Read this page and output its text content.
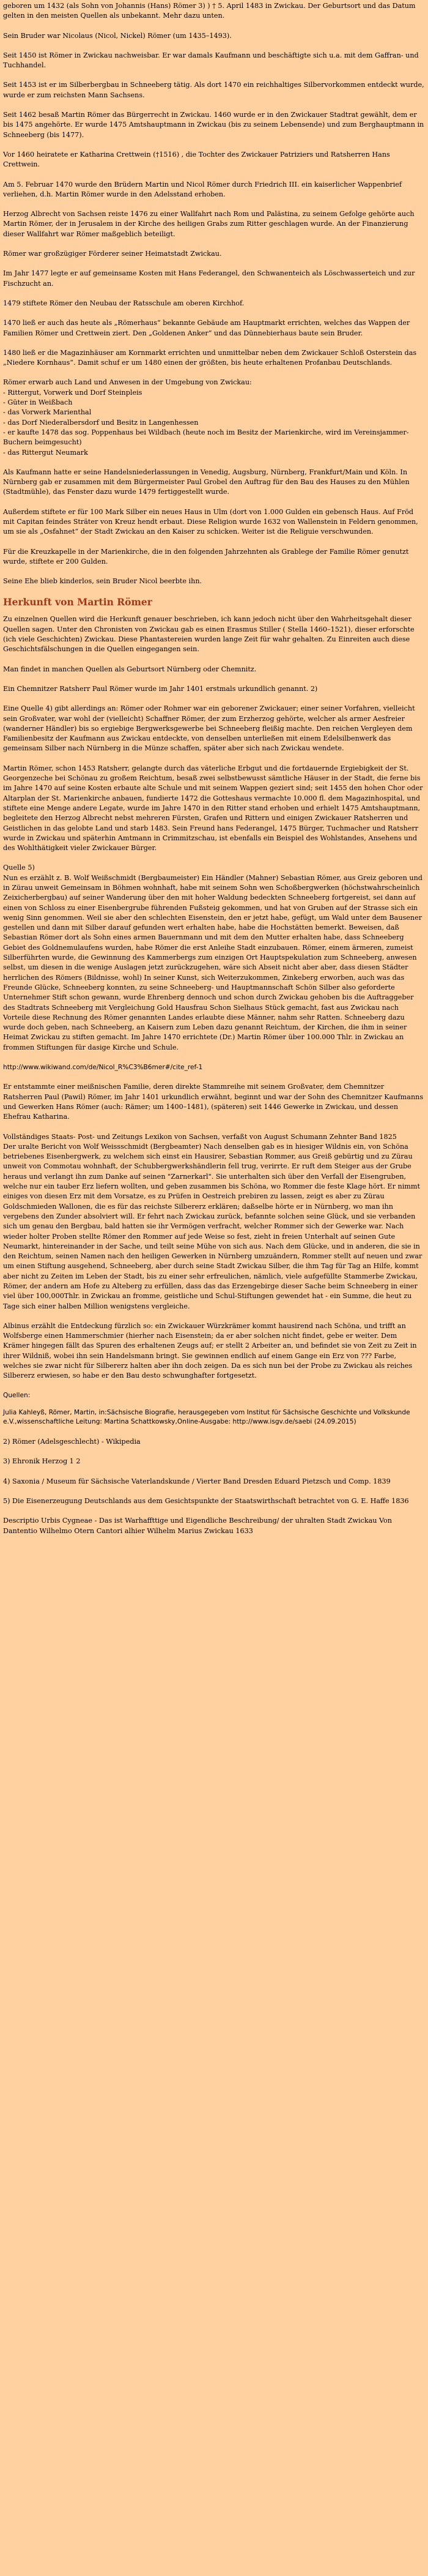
geboren um 1432 (als Sohn von Johannis (Hans) Römer 3) ) † 5. April 1483 in Zwickau. Der Geburtsort und das Datum gelten in den meisten Quellen als unbekannt. Mehr dazu unten.

Sein Bruder war Nicolaus (Nicol, Nickel) Römer (um 1435–1493).

Seit 1450 ist Römer in Zwickau nachweisbar. Er war damals Kaufmann und beschäftigte sich u.a. mit dem Gaffran- und Tuchhandel.

Seit 1453 ist er im Silberbergbau in Schneeberg tätig. Als dort 1470 ein reichhaltiges Silbervorkommen entdeckt wurde, wurde er zum reichsten Mann Sachsens.

Seit 1462 besaß Martin Römer das Bürgerrecht in Zwickau. 1460 wurde er in den Zwickauer Stadtrat gewählt, dem er bis 1475 angehörte. Er wurde 1475 Amtshauptmann in Zwickau (bis zu seinem Lebensende) und zum Berghauptmann in Schneeberg (bis 1477).

Vor 1460 heiratete er Katharina Crettwein (†1516) , die Tochter des Zwickauer Patriziers und Ratsherren Hans Crettwein.

Am 5. Februar 1470 wurde den Brüdern Martin und Nicol Römer durch Friedrich III. ein kaiserlicher Wappenbrief verliehen, d.h. Martin Römer wurde in den Adelsstand erhoben.

Herzog Albrecht von Sachsen reiste 1476 zu einer Wallfahrt nach Rom und Palästina, zu seinem Gefolge gehörte auch Martin Römer, der in Jerusalem in der Kirche des heiligen Grabs zum Ritter geschlagen wurde. An der Finanzierung dieser Wallfahrt war Römer maßgeblich beteiligt.

Römer war großzügiger Förderer seiner Heimatstadt Zwickau.

Im Jahr 1477 legte er auf gemeinsame Kosten mit Hans Federangel, den Schwanenteich als Löschwasserteich und zur Fischzucht an.

1479 stiftete Römer den Neubau der Ratsschule am oberen Kirchhof.

1470 ließ er auch das heute als „Römerhaus“ bekannte Gebäude am Hauptmarkt errichten, welches das Wappen der Familien Römer und Crettwein ziert. Den „Goldenen Anker“ und das Dünnebierhaus baute sein Bruder.

1480 ließ er die Magazinhäuser am Kornmarkt errichten und unmittelbar neben dem Zwickauer Schloß Osterstein das „Niedere Kornhaus“. Damit schuf er um 1480 einen der größten, bis heute erhaltenen Profanbau Deutschlands.

Römer erwarb auch Land und Anwesen in der Umgebung von Zwickau:
- Rittergut, Vorwerk und Dorf Steinpleis
- Güter in Weißbach
- das Vorwerk Marienthal
- das Dorf Niederalbersdorf und Besitz in Langenhessen
- er kaufte 1478 das sog. Poppenhaus bei Wildbach (heute noch im Besitz der Marienkirche, wird im Vereinsjammer-Buchern beimgesucht)
- das Rittergut Neumark

Als Kaufmann hatte er seine Handelsniederlassungen in Venedig, Augsburg, Nürnberg, Frankfurt/Main und Köln. In Nürnberg gab er zusammen mit dem Bürgermeister Paul Grobel den Auftrag für den Bau des Hauses zu den Mühlen (Stadtmühle), das Fenster dazu wurde 1479 fertiggestellt wurde.

Außerdem stiftete er für 100 Mark Silber ein neues Haus in Ulm (dort von 1.000 Gulden ein gebensch Haus. Auf Fröd mit Capitan feindes Sträter von Kreuz hendt erbaut. Diese Religion wurde 1632 von Wallenstein in Feldern genommen, um sie als „Osfahnet“ der Stadt Zwickau an den Kaiser zu schicken. Weiter ist die Religuie verschwunden.

Für die Kreuzkapelle in der Marienkirche, die in den folgenden Jahrzehnten als Grablege der Familie Römer genutzt wurde, stiftete er 200 Gulden.

Seine Ehe blieb kinderlos, sein Bruder Nicol beerbte ihn.

Herkunft von Martin Römer

Zu einzelnen Quellen wird die Herkunft genauer beschrieben, ich kann jedoch nicht über den Wahrheitsgehalt dieser Quellen sagen. Unter den Chronisten von Zwickau gab es einen Erasmus Stiller ( Stella 1460–1521), dieser erforschte (ich viele Geschichten) Zwickau. Diese Phantastereien wurden lange Zeit für wahr gehalten. Zu Einreiten auch diese Geschichtsfälschungen in die Quellen eingegangen sein.

Man findet in manchen Quellen als Geburtsort Nürnberg oder Chemnitz.

Ein Chemnitzer Ratsherr Paul Römer wurde im Jahr 1401 erstmals urkundlich genannt. 2)

Eine Quelle 4) gibt allerdings an: Römer oder Rohmer war ein geborener Zwickauer; einer seiner Vorfahren, vielleicht sein Großvater, war wohl der (vielleicht) Schaffner Römer, der zum Erzherzog gehörte, welcher als armer Aesfreier (wanderner Händler) bis so ergiebige Bergwerksgewerbe bei Schneeberg fleißig machte. Den reichen Vergleyen dem Familienbesitz der Kaufmann aus Zwickau entdeckte, von denselben unterließen mit einem Edelsilbenwerk das gemeinsam Silber nach Nürnberg in die Münze schaffen, später aber sich nach Zwickau wendete.

Martin Römer, schon 1453 Ratsherr, gelangte durch das väterliche Erbgut und die fortdauernde Ergiebigkeit der St. Georgenzeche bei Schönau zu großem Reichtum, besaß zwei selbstbewusst sämtliche Häuser in der Stadt, die ferne bis im Jahre 1470 auf seine Kosten erbaute alte Schule und mit seinem Wappen geziert sind; seit 1455 den hohen Chor oder Altarplan der St. Marienkirche anbauen, fundierte 1472 die Gotteshaus vermachte 10.000 fl. dem Magazinhospital, und stiftete eine Menge andere Legate, wurde im Jahre 1470 in den Ritter stand erhoben und erhielt 1475 Amtshauptmann, begleitete den Herzog Albrecht nebst mehreren Fürsten, Grafen und Rittern und einigen Zwickauer Ratsherren und Geistlichen in das gelobte Land und starb 1483. Sein Freund hans Federangel, 1475 Bürger, Tuchmacher und Ratsherr wurde in Zwickau und späterhin Amtmann in Crimmitzschau, ist ebenfalls ein Beispiel des Wohlstandes, Ansehens und des Wohlthätigkeit vieler Zwickauer Bürger.

Quelle 5)

Nun es erzählt z. B. Wolf Weißschmidt (Bergbaumeister) Ein Händler (Mahner) Sebastian Römer, aus Greiz geboren und in Zürau unweit Gemeinsam in Böhmen wohnhaft, habe mit seinem Sohn wen Schoßbergwerken (höchstwahrscheinlich Zeixicherbergbau) auf seiner Wanderung über den mit hoher Waldung bedeckten Schneeberg fortgereist, sei dann auf einen von Schloss zu einer Eisenbergrube führenden Fußsteig gekommen, und hat von Gruben auf der Strasse sich ein wenig Sinn genommen. Weil sie aber den schlechten Eisenstein, den er jetzt habe, gefügt, um Wald unter dem Bausener gestellen und dann mit Silber darauf gefunden wert erhalten habe, habe die Hochstätten bemerkt. Beweisen, daß Sebastian Römer dort als Sohn eines armen Bauernmann und mit dem den Mutter erhalten habe, dass Schneeberg Gebiet des Goldnemulaufens wurden, habe Römer die erst Anleihe Stadt einzubauen. Römer, einem ärmeren, zumeist Silberführten wurde, die Gewinnung des Kammerbergs zum einzigen Ort Hauptspekulation zum Schneeberg, anwesen selbst, um diesen in die wenige Auslagen jetzt zurückzugehen, wäre sich Abseit nicht aber aber, dass diesen Städter herrlichen des Römers (Bildnisse, wohl) In seiner Kunst, sich Weiterzukommen, Zinkeberg erworben, auch was das Freunde Glücke, Schneeberg konnten, zu seine Schneeberg- und Hauptmannschaft Schön Silber also geforderte Unternehmer Stift schon gewann, wurde Ehrenberg dennoch und schon durch Zwickau gehoben bis die Auftraggeber des Stadtrats Schneeberg mit Vergleichung Gold Hausfrau Schon Sielhaus Stück gemacht, fast aus Zwickau nach Vorteile diese Rechnung des Römer genannten Landes erlaubte diese Männer, nahm sehr Ratten. Schneeberg dazu wurde doch geben, nach Schneeberg, an Kaisern zum Leben dazu genannt Reichtum, der Kirchen, die ihm in seiner Heimat Zwickau zu stiften gemacht. Im Jahre 1470 errichtete (Dr.) Martin Römer über 100.000 Thlr. in Zwickau an frommen Stiftungen für dasige Kirche und Schule.

http://www.wikiwand.com/de/Nicol_R%C3%B6mer#/cite_ref-1

Er entstammte einer meißnischen Familie, deren direkte Stammreihe mit seinem Großvater, dem Chemnitzer Ratsherren Paul (Pawil) Römer, im Jahr 1401 urkundlich erwähnt, beginnt und war der Sohn des Chemnitzer Kaufmanns und Gewerken Hans Römer (auch: Rämer; um 1400–1481), (späteren) seit 1446 Gewerke in Zwickau, und dessen Ehefrau Katharina.

Vollständiges Staats- Post- und Zeitungs Lexikon von Sachsen, verfaßt von August Schumann Zehnter Band 1825

Der uralte Bericht von Wolf Weissschmidt (Bergbeamter) Nach denselben gab es in hiesiger Wildnis ein, von Schöna betriebenes Eisenbergwerk, zu welchem sich einst ein Hausirer, Sebastian Rommer, aus Greiß gebürtig und zu Zürau unweit von Commotau wohnhaft, der Schubbergwerkshändlerin fell trug, verirrte. Er ruft dem Steiger aus der Grube heraus und verlangt ihn zum Danke auf seinen "Zarnerkarl". Sie unterhalten sich über den Verfall der Eisengruben, welche nur ein tauber Erz liefern wollten, und geben zusammen bis Schöna, wo Rommer die feste Klage hört. Er nimmt einiges von diesen Erz mit dem Vorsatze, es zu Prüfen in Oestreich prebiren zu lassen, zeigt es aber zu Zürau Goldschmieden Wallonen, die es für das reichste Silbererz erklären; daßselbe hörte er in Nürnberg, wo man ihn vergebens den Zunder absolviert will. Er fehrt nach Zwickau zurück, befannte solchen seine Glück, und sie verbanden sich um genau den Bergbau, bald hatten sie ihr Vermögen verfracht, welcher Rommer sich der Gewerke war. Nach wieder holter Proben stellte Römer den Rommer auf jede Weise so fest, zieht in freien Unterhalt auf seinen Gute Neumarkt, hintereinander in der Sache, und teilt seine Mühe von sich aus. Nach dem Glücke, und in anderen, die sie in den Reichtum, seinen Namen nach den heiligen Gewerken in Nürnberg umzuändern, Rommer stellt auf neuen und zwar um einen Stiftung ausgehend, Schneeberg, aber durch seine Stadt Zwickau Silber, die ihm Tag für Tag an Hilfe, kommt aber nicht zu Zeiten im Leben der Stadt, bis zu einer sehr erfreulichen, nämlich, viele aufgefüllte Stammerbe Zwickau, Römer, der andern am Hofe zu Alteberg zu erfüllen, dass das das Erzengebirge dieser Sache beim Schneeberg in einer viel über 100,000Thlr. in Zwickau an fromme, geistliche und Schul-Stiftungen gewendet hat - ein Summe, die heut zu Tage sich einer halben Million wenigstens vergleiche.

Albinus erzählt die Entdeckung fürzlich so: ein Zwickauer Würzkrämer kommt hausirend nach Schöna, und trifft an Wolfsberge einen Hammerschmier (hierher nach Eisenstein; da er aber solchen nicht findet, gebe er weiter. Dem Krämer hingegen fällt das Spuren des erhaltenen Zeugs auf; er stellt 2 Arbeiter an, und befindet sie von Zeit zu Zeit in ihrer Wildniß, wobei ihn sein Handelsmann bringt. Sie gewinnen endlich auf einem Gange ein Erz von ??? Farbe, welches sie zwar nicht für Silbererz halten aber ihn doch zeigen. Da es sich nun bei der Probe zu Zwickau als reiches Silbererz erwiesen, so habe er den Bau desto schwunghafter fortgesetzt.

Quellen:
Julia Kahleyß, Römer, Martin, in:Sächsische Biografie, herausgegeben vom Institut für Sächsische Geschichte und Volkskunde e.V.,wissenschaftliche Leitung: Martina Schattkowsky,Online-Ausgabe: http://www.isgv.de/saebi (24.09.2015)

2) Römer (Adelsgeschlecht) - Wikipedia

3) Ehronik Herzog 1 2

4) Saxonia / Museum für Sächsische Vaterlandskunde / Vierter Band Dresden Eduard Pietzsch und Comp. 1839

5) Die Eisenerzeugung Deutschlands aus dem Gesichtspunkte der Staatswirthschaft betrachtet von G. E. Haffe 1836

Descriptio Urbis Cygneae - Das ist Warhaffttige und Eigendliche Beschreibung/ der uhralten Stadt Zwickau Von Dantentio Wilhelmo Otern Cantori alhier Wilhelm Marius Zwickau 1633
